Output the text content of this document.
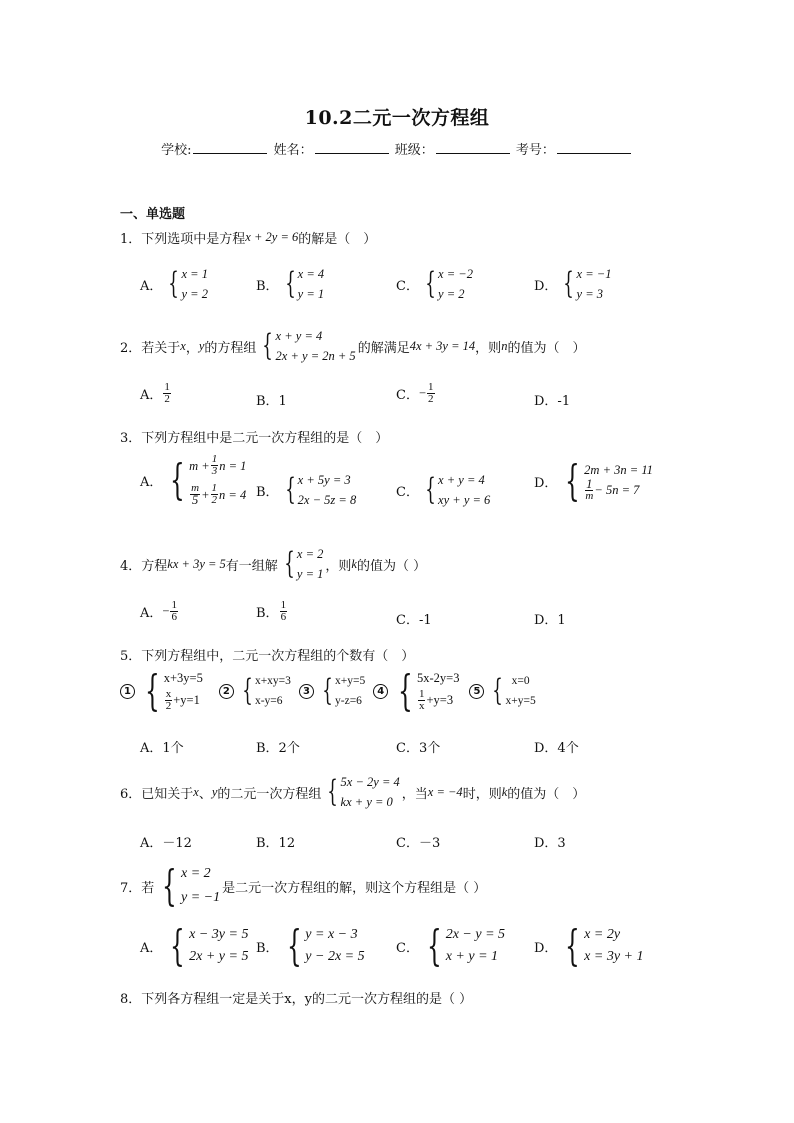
10.2二元一次方程组
学校:	姓名：	班级：	考号：
一、单选题
1．下列选项中是方程 x + 2y = 6 的解是（　）
A． { x = 1
y = 2
B． { x = 4
y = 1
C． { x = −2
y = 2
D． { x = −1
y = 3
2．若关于 x ， y 的方程组 { x + y = 4
2x + y = 2n + 5
的解满足 4x + 3y = 14 ，则 n 的值为（　）
A． $\frac{1}{2}$	B．1	C． − $\frac{1}{2}$	D．-1
3．下列方程组中是二元一次方程组的是（　）
A． { $m + \frac{1}{3}$ n = 1
$\frac{m}{5} + \frac{1}{2}$ n = 4 B． { x + 5y = 3
2x − 5z = 8
C． { x + y = 4
xy + y = 6
D． { 2m + 3n = 11
$\frac{1}{m} - 5n = 7$
4．方程 kx + 3y = 5 有一组解 { x = 2
y = 1
，则 k 的值为（ ）
A． − $\frac{1}{6}$	B． $\frac{1}{6}$	C．-1	D．1
5．下列方程组中，二元一次方程组的个数有（　）
1 { x+3y=5
$\frac{x}{2} +y=1$
2 { x+xy=3
x-y=6
3 { x+y=5
y-z=6
4 { 5x-2y=3
$\frac{1}{x} +y=3$
5 { x=0
x+y=5
A．1个	B．2个	C．3个	D．4个
6．已知关于 x 、 y 的二元一次方程组 { 5x − 2y = 4
kx + y = 0
，当 x = −4 时，则 k 的值为（　）
A．－12	B．12	C．－3	D．3
7．若 { x = 2
y = −1
是二元一次方程组的解，则这个方程组是（ ）
A． { x − 3y = 5
2x + y = 5
B． { y = x − 3
y − 2x = 5
C． { 2x − y = 5
x + y = 1
D． { x = 2y
x = 3y + 1
8．下列各方程组一定是关于x，y的二元一次方程组的是（ ）
